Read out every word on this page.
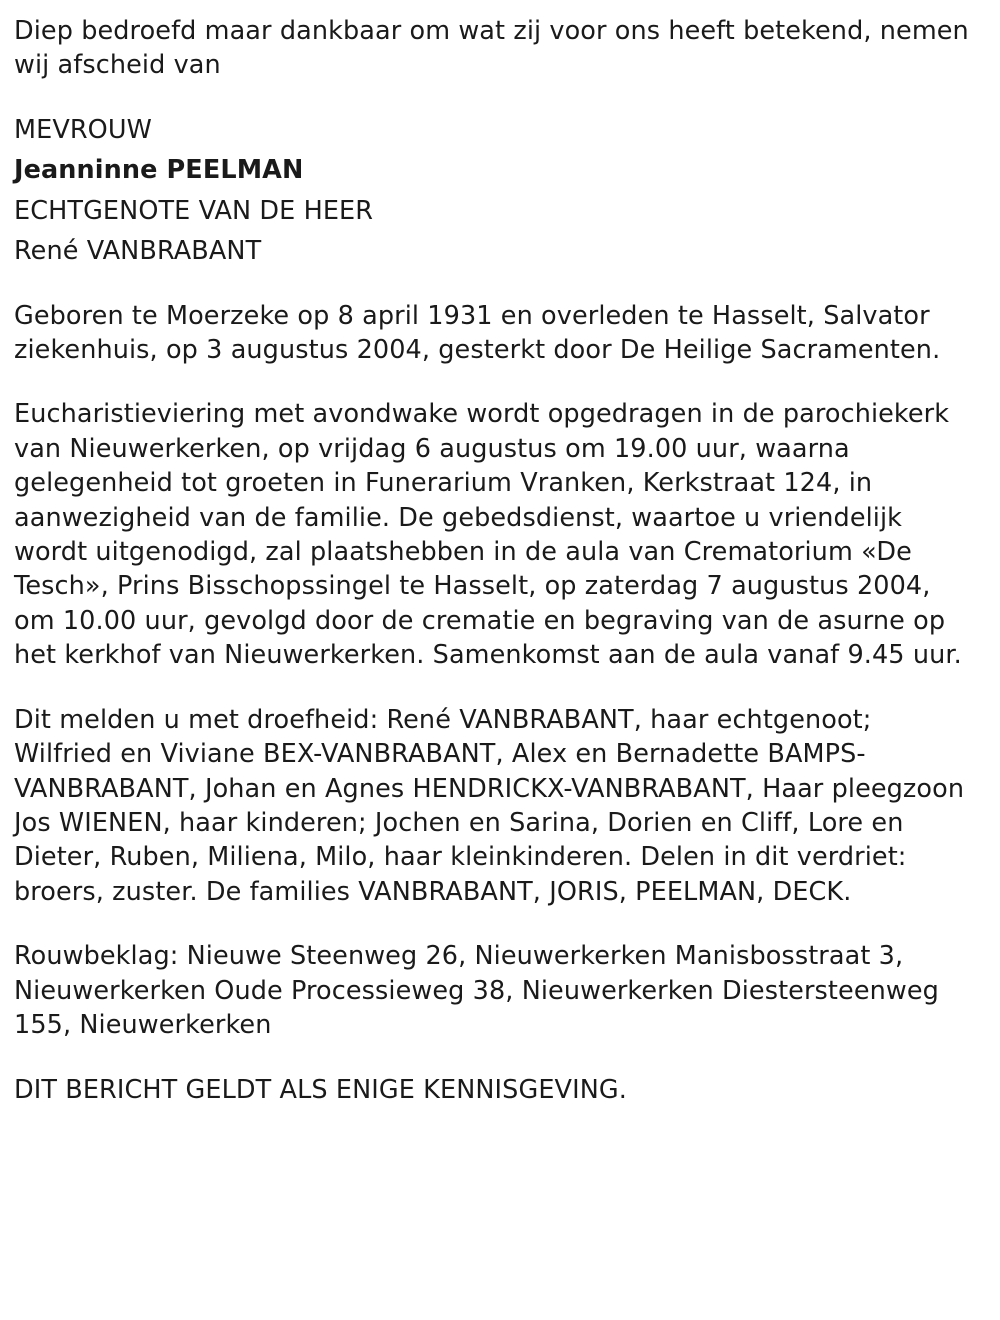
Diep bedroefd maar dankbaar om wat zij voor ons heeft betekend, nemen wij afscheid van

MEVROUW

Jeanninne PEELMAN

ECHTGENOTE VAN DE HEER

René VANBRABANT

Geboren te Moerzeke op 8 april 1931 en overleden te Hasselt, Salvator ziekenhuis, op 3 augustus 2004, gesterkt door De Heilige Sacramenten.

Eucharistieviering met avondwake wordt opgedragen in de parochiekerk van Nieuwerkerken, op vrijdag 6 augustus om 19.00 uur, waarna gelegenheid tot groeten in Funerarium Vranken, Kerkstraat 124, in aanwezigheid van de familie. De gebedsdienst, waartoe u vriendelijk wordt uitgenodigd, zal plaatshebben in de aula van Crematorium «De Tesch», Prins Bisschopssingel te Hasselt, op zaterdag 7 augustus 2004, om 10.00 uur, gevolgd door de crematie en begraving van de asurne op het kerkhof van Nieuwerkerken. Samenkomst aan de aula vanaf 9.45 uur.

Dit melden u met droefheid: René VANBRABANT, haar echtgenoot; Wilfried en Viviane BEX-VANBRABANT, Alex en Bernadette BAMPS-VANBRABANT, Johan en Agnes HENDRICKX-VANBRABANT, Haar pleegzoon Jos WIENEN, haar kinderen; Jochen en Sarina, Dorien en Cliff, Lore en Dieter, Ruben, Miliena, Milo, haar kleinkinderen. Delen in dit verdriet: broers, zuster. De families VANBRABANT, JORIS, PEELMAN, DECK.

Rouwbeklag: Nieuwe Steenweg 26, Nieuwerkerken Manisbosstraat 3, Nieuwerkerken Oude Processieweg 38, Nieuwerkerken Diestersteenweg 155, Nieuwerkerken

DIT BERICHT GELDT ALS ENIGE KENNISGEVING.
